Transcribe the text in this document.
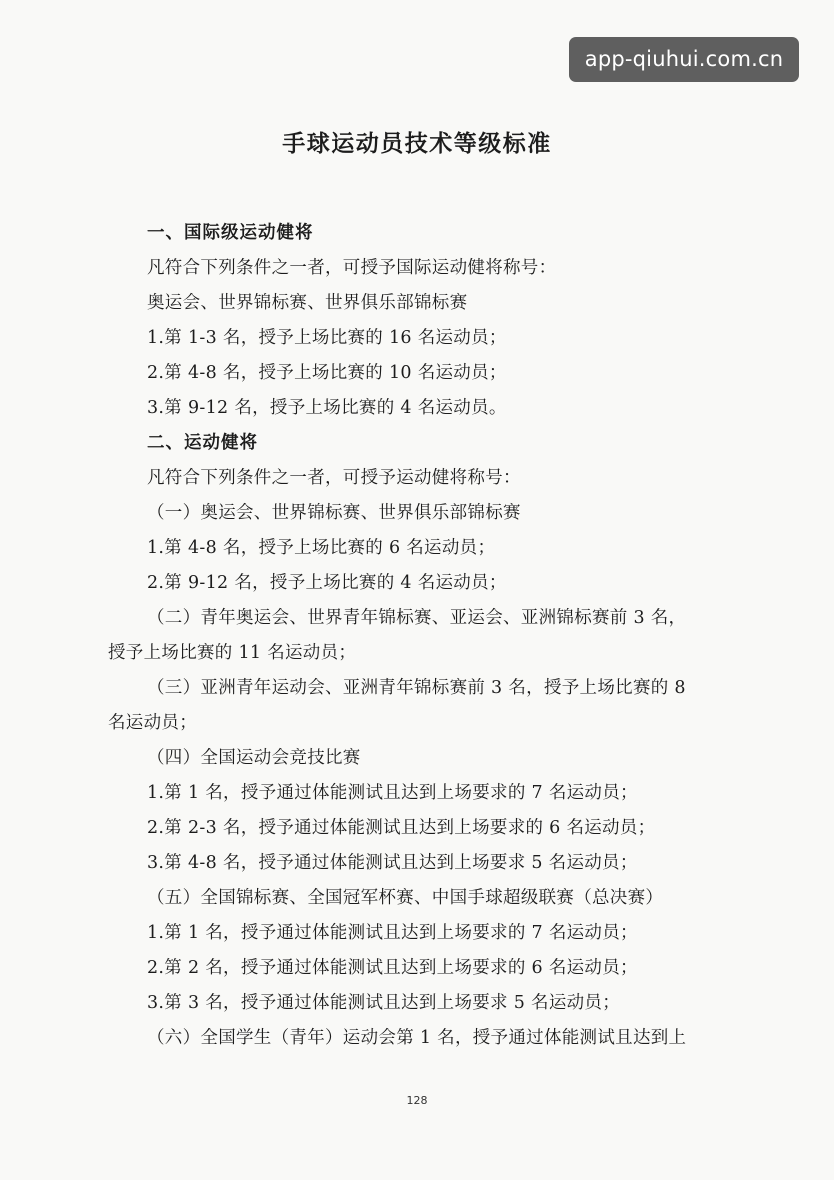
app-qiuhui.com.cn
手球运动员技术等级标准
一、国际级运动健将
凡符合下列条件之一者，可授予国际运动健将称号：
奥运会、世界锦标赛、世界俱乐部锦标赛
1.第 1-3 名，授予上场比赛的 16 名运动员；
2.第 4-8 名，授予上场比赛的 10 名运动员；
3.第 9-12 名，授予上场比赛的 4 名运动员。
二、运动健将
凡符合下列条件之一者，可授予运动健将称号：
（一）奥运会、世界锦标赛、世界俱乐部锦标赛
1.第 4-8 名，授予上场比赛的 6 名运动员；
2.第 9-12 名，授予上场比赛的 4 名运动员；
（二）青年奥运会、世界青年锦标赛、亚运会、亚洲锦标赛前 3 名，
授予上场比赛的 11 名运动员；
（三）亚洲青年运动会、亚洲青年锦标赛前 3 名，授予上场比赛的 8
名运动员；
（四）全国运动会竞技比赛
1.第 1 名，授予通过体能测试且达到上场要求的 7 名运动员；
2.第 2-3 名，授予通过体能测试且达到上场要求的 6 名运动员；
3.第 4-8 名，授予通过体能测试且达到上场要求 5 名运动员；
（五）全国锦标赛、全国冠军杯赛、中国手球超级联赛（总决赛）
1.第 1 名，授予通过体能测试且达到上场要求的 7 名运动员；
2.第 2 名，授予通过体能测试且达到上场要求的 6 名运动员；
3.第 3 名，授予通过体能测试且达到上场要求 5 名运动员；
（六）全国学生（青年）运动会第 1 名，授予通过体能测试且达到上
128
